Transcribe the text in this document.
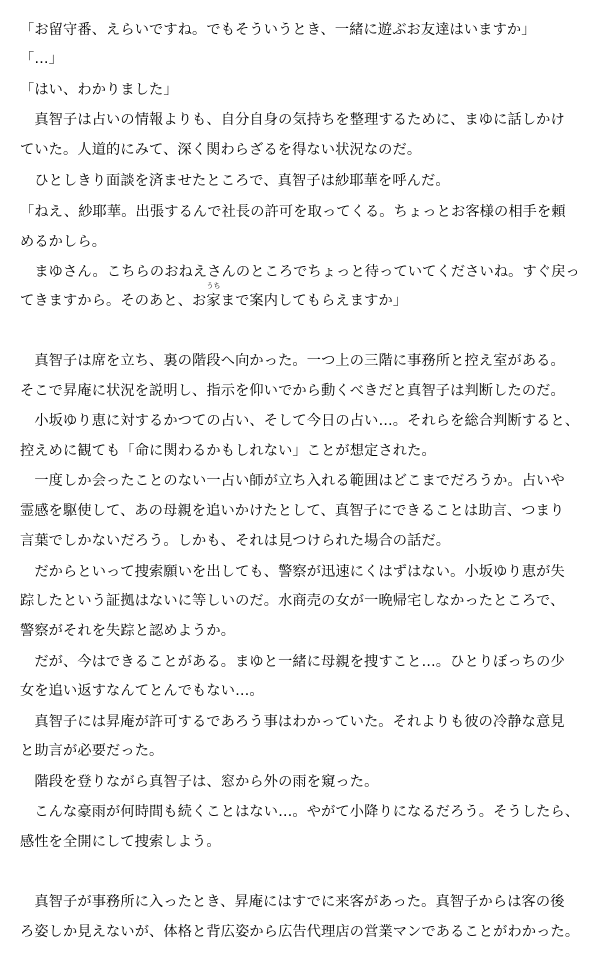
「お留守番、えらいですね。でもそういうとき、一緒に遊ぶお友達はいますか」
「…」
「はい、わかりました」
　真智子は占いの情報よりも、自分自身の気持ちを整理するために、まゆに話しかけ
ていた。人道的にみて、深く関わらざるを得ない状況なのだ。
　ひとしきり面談を済ませたところで、真智子は紗耶華を呼んだ。
「ねえ、紗耶華。出張するんで社長の許可を取ってくる。ちょっとお客様の相手を頼
めるかしら。
　まゆさん。こちらのおねえさんのところでちょっと待っていてくださいね。すぐ戻っ
てきますから。そのあと、お
うち
家まで案内してもらえますか」
　真智子は席を立ち、裏の階段へ向かった。一つ上の三階に事務所と控え室がある。
そこで昇庵に状況を説明し、指示を仰いでから動くべきだと真智子は判断したのだ。
　小坂ゆり恵に対するかつての占い、そして今日の占い…。それらを総合判断すると、
控えめに観ても「命に関わるかもしれない」ことが想定された。
　一度しか会ったことのない一占い師が立ち入れる範囲はどこまでだろうか。占いや
霊感を駆使して、あの母親を追いかけたとして、真智子にできることは助言、つまり
言葉でしかないだろう。しかも、それは見つけられた場合の話だ。
　だからといって捜索願いを出しても、警察が迅速にくはずはない。小坂ゆり恵が失
踪したという証拠はないに等しいのだ。水商売の女が一晩帰宅しなかったところで、
警察がそれを失踪と認めようか。
　だが、今はできることがある。まゆと一緒に母親を捜すこと…。ひとりぼっちの少
女を追い返すなんてとんでもない…。
　真智子には昇庵が許可するであろう事はわかっていた。それよりも彼の冷静な意見
と助言が必要だった。
　階段を登りながら真智子は、窓から外の雨を窺った。
　こんな豪雨が何時間も続くことはない…。やがて小降りになるだろう。そうしたら、
感性を全開にして捜索しよう。
　真智子が事務所に入ったとき、昇庵にはすでに来客があった。真智子からは客の後
ろ姿しか見えないが、体格と背広姿から広告代理店の営業マンであることがわかった。
